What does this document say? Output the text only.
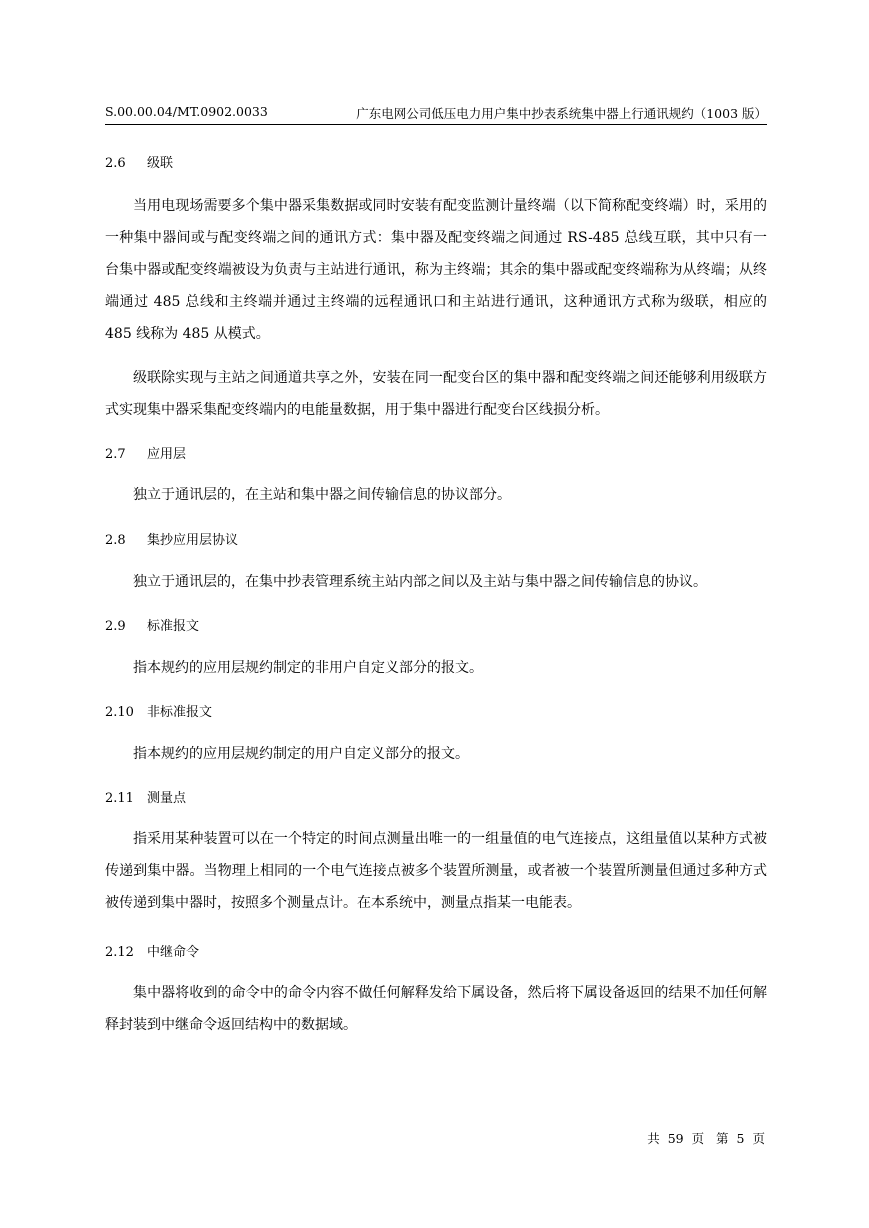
S.00.00.04/MT.0902.0033	广东电网公司低压电力用户集中抄表系统集中器上行通讯规约（1003 版）
2.6 级联
当用电现场需要多个集中器采集数据或同时安装有配变监测计量终端（以下简称配变终端）时，采用的一种集中器间或与配变终端之间的通讯方式：集中器及配变终端之间通过 RS-485 总线互联，其中只有一台集中器或配变终端被设为负责与主站进行通讯，称为主终端；其余的集中器或配变终端称为从终端；从终端通过 485 总线和主终端并通过主终端的远程通讯口和主站进行通讯，这种通讯方式称为级联，相应的 485 线称为 485 从模式。
级联除实现与主站之间通道共享之外，安装在同一配变台区的集中器和配变终端之间还能够利用级联方式实现集中器采集配变终端内的电能量数据，用于集中器进行配变台区线损分析。
2.7 应用层
独立于通讯层的，在主站和集中器之间传输信息的协议部分。
2.8 集抄应用层协议
独立于通讯层的，在集中抄表管理系统主站内部之间以及主站与集中器之间传输信息的协议。
2.9 标准报文
指本规约的应用层规约制定的非用户自定义部分的报文。
2.10 非标准报文
指本规约的应用层规约制定的用户自定义部分的报文。
2.11 测量点
指采用某种装置可以在一个特定的时间点测量出唯一的一组量值的电气连接点，这组量值以某种方式被传递到集中器。当物理上相同的一个电气连接点被多个装置所测量，或者被一个装置所测量但通过多种方式被传递到集中器时，按照多个测量点计。在本系统中，测量点指某一电能表。
2.12 中继命令
集中器将收到的命令中的命令内容不做任何解释发给下属设备，然后将下属设备返回的结果不加任何解释封装到中继命令返回结构中的数据域。
共 59 页 第 5 页
